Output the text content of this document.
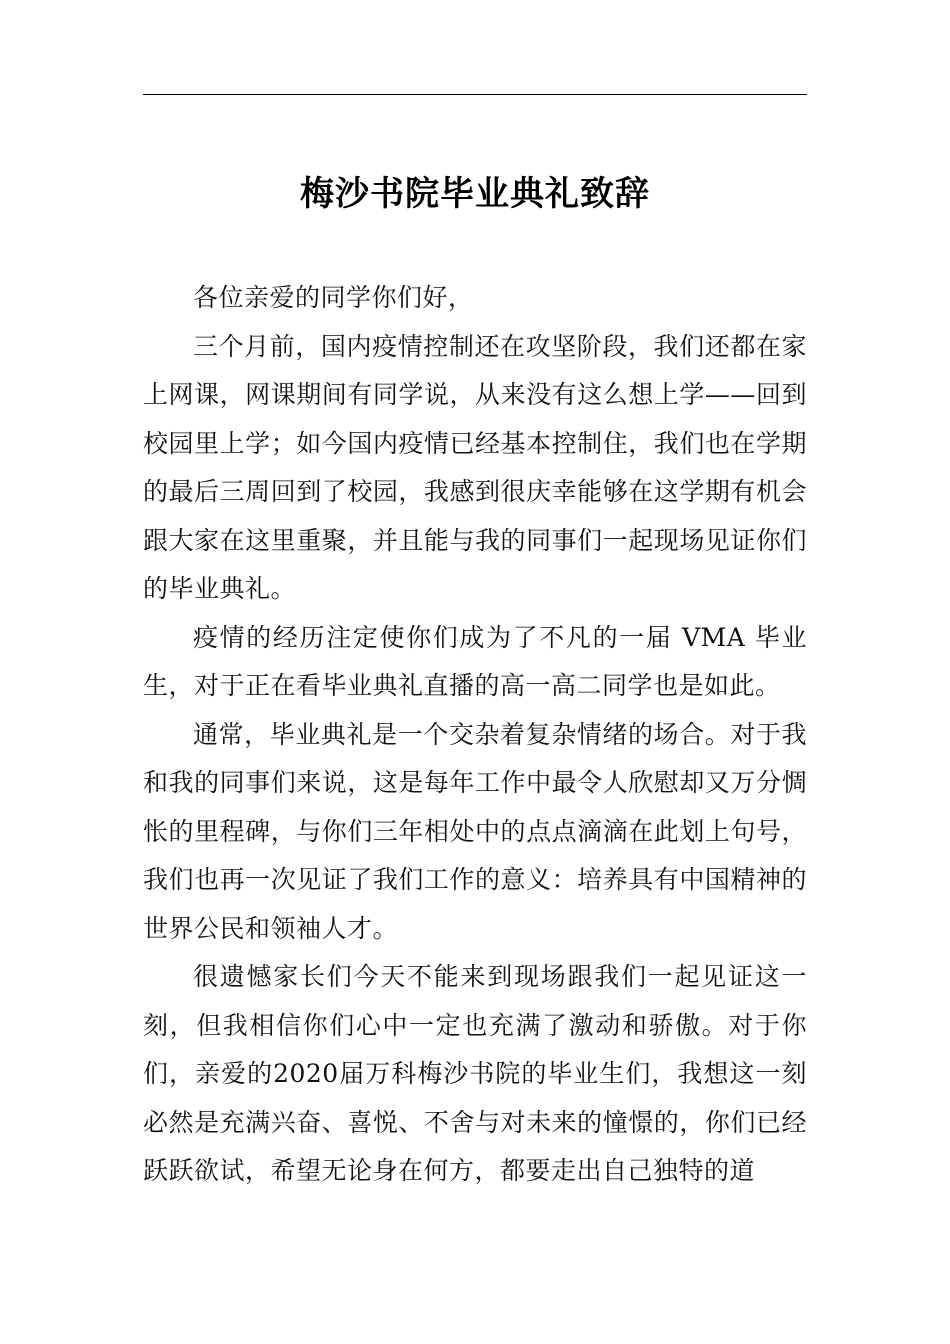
梅沙书院毕业典礼致辞

各位亲爱的同学你们好，

三个月前，国内疫情控制还在攻坚阶段，我们还都在家上网课，网课期间有同学说，从来没有这么想上学——回到校园里上学；如今国内疫情已经基本控制住，我们也在学期的最后三周回到了校园，我感到很庆幸能够在这学期有机会跟大家在这里重聚，并且能与我的同事们一起现场见证你们的毕业典礼。

疫情的经历注定使你们成为了不凡的一届 VMA 毕业生，对于正在看毕业典礼直播的高一高二同学也是如此。

通常，毕业典礼是一个交杂着复杂情绪的场合。对于我和我的同事们来说，这是每年工作中最令人欣慰却又万分惆怅的里程碑，与你们三年相处中的点点滴滴在此划上句号，我们也再一次见证了我们工作的意义：培养具有中国精神的世界公民和领袖人才。

很遗憾家长们今天不能来到现场跟我们一起见证这一刻，但我相信你们心中一定也充满了激动和骄傲。对于你们，亲爱的2020届万科梅沙书院的毕业生们，我想这一刻必然是充满兴奋、喜悦、不舍与对未来的憧憬的，你们已经跃跃欲试，希望无论身在何方，都要走出自己独特的道
